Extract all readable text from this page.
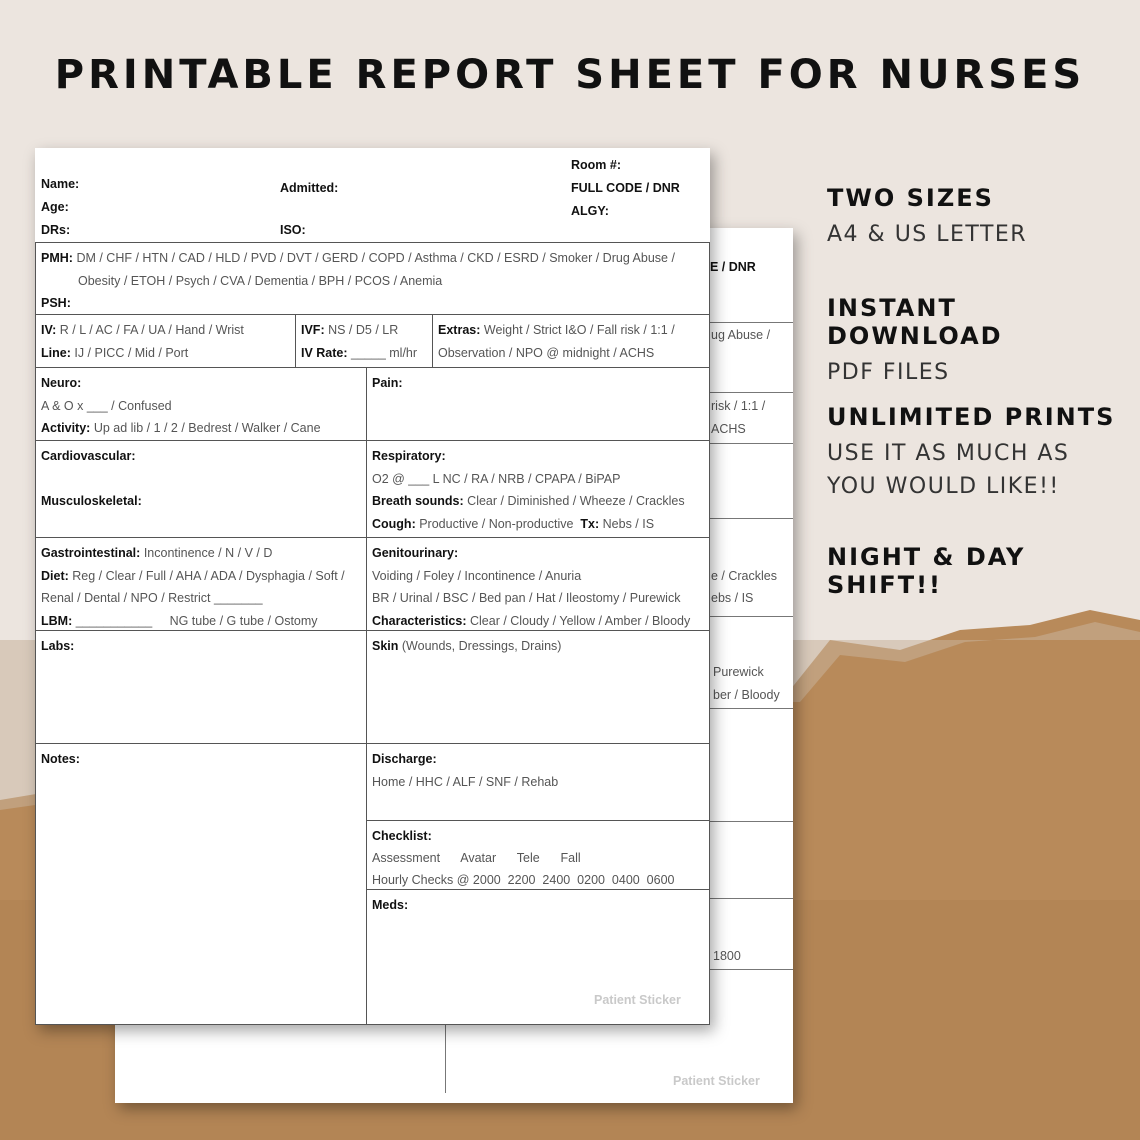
PRINTABLE REPORT SHEET FOR NURSES
E / DNR
ug Abuse /
risk / 1:1 /
ACHS
e / Crackles
ebs / IS
Purewick
ber / Bloody
1800
Patient Sticker
Name:
Age:
DRs:
Admitted:
ISO:
Room #:
FULL CODE / DNR
ALGY:
PMH: DM / CHF / HTN / CAD / HLD / PVD / DVT / GERD / COPD / Asthma / CKD / ESRD / Smoker / Drug Abuse /
Obesity / ETOH / Psych / CVA / Dementia / BPH / PCOS / Anemia
PSH:
IV: R / L / AC / FA / UA / Hand / Wrist
Line: IJ / PICC / Mid / Port
IVF: NS / D5 / LR
IV Rate: _____ ml/hr
Extras: Weight / Strict I&O / Fall risk / 1:1 /
Observation / NPO @ midnight / ACHS
Neuro:
A & O x ___ / Confused
Activity: Up ad lib / 1 / 2 / Bedrest / Walker / Cane
Pain:
Cardiovascular:

Musculoskeletal:
Respiratory:
O2 @ ___ L NC / RA / NRB / CPAPA / BiPAP
Breath sounds: Clear / Diminished / Wheeze / Crackles
Cough: Productive / Non-productive Tx: Nebs / IS
Gastrointestinal: Incontinence / N / V / D
Diet: Reg / Clear / Full / AHA / ADA / Dysphagia / Soft /
Renal / Dental / NPO / Restrict _______
LBM: ___________     NG tube / G tube / Ostomy
Genitourinary:
Voiding / Foley / Incontinence / Anuria
BR / Urinal / BSC / Bed pan / Hat / Ileostomy / Purewick
Characteristics: Clear / Cloudy / Yellow / Amber / Bloody
Labs:	Skin (Wounds, Dressings, Drains)
Notes:	Discharge:
Home / HHC / ALF / SNF / Rehab
Checklist:
Assessment      Avatar      Tele      Fall
Hourly Checks @ 2000  2200  2400  0200  0400  0600
Meds:
Patient Sticker
TWO SIZES
A4 & US LETTER
INSTANT DOWNLOAD
PDF FILES
UNLIMITED PRINTS
USE IT AS MUCH AS YOU WOULD LIKE!!
NIGHT & DAY SHIFT!!
